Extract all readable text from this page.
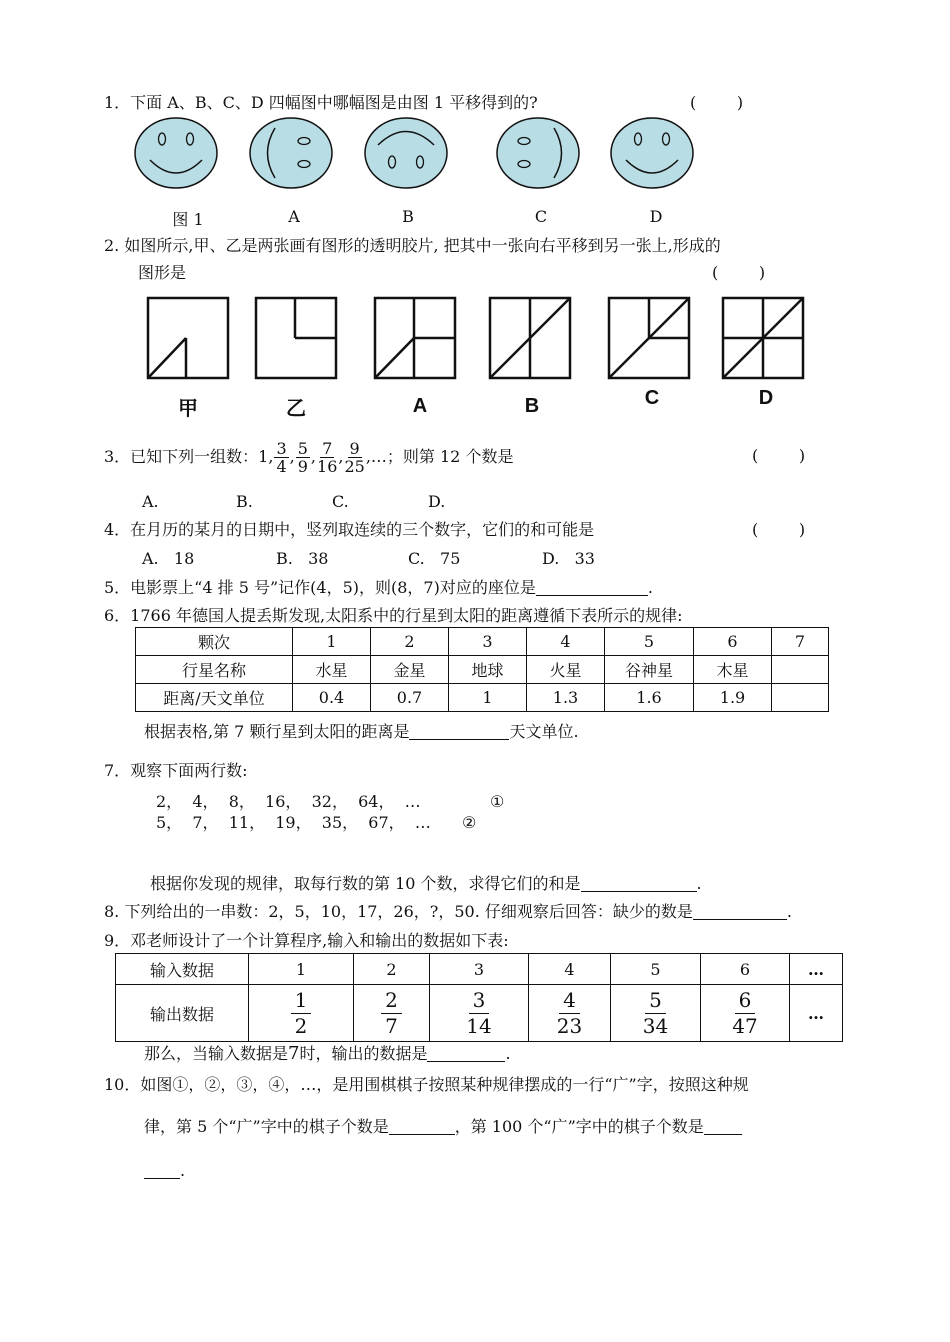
1．下面 A、B、C、D 四幅图中哪幅图是由图 1 平移得到的?	(        )
图 1	A	B	C	D
2. 如图所示,甲、乙是两张画有图形的透明胶片, 把其中一张向右平移到另一张上,形成的
图形是	(        )
甲	乙	A	B	C	D
3．已知下列一组数：1, $\frac{3}{4}$ , $\frac{5}{9}$ , $\frac{7}{16}$ , $\frac{9}{25}$ ,…；则第 12 个数是	(        )
A.	B.	C.	D.
4．在月历的某月的日期中，竖列取连续的三个数字，它们的和可能是	(        )
A.   18	B.   38	C.   75	D.   33
5．电影票上“4 排 5 号”记作(4，5)，则(8，7)对应的座位是	.
6．1766 年德国人提丢斯发现,太阳系中的行星到太阳的距离遵循下表所示的规律:
颗次	1	2	3	4	5	6	7
行星名称	水星	金星	地球	火星	谷神星	木星	
距离/天文单位	0.4	0.7	1	1.3	1.6	1.9	
根据表格,第 7 颗行星到太阳的距离是	天文单位.
7．观察下面两行数:
2，  4，  8，  16，  32，  64，  …	①
5，  7，  11，  19，  35，  67，  … ②
根据你发现的规律，取每行数的第 10 个数，求得它们的和是	.
8. 下列给出的一串数：2，5，10，17，26，?，50. 仔细观察后回答：缺少的数是	.
9．邓老师设计了一个计算程序,输入和输出的数据如下表:
输入数据	1	2	3	4	5	6	…
输出数据	$\frac{1}{2}$	$\frac{2}{7}$	$\frac{3}{14}$	$\frac{4}{23}$	$\frac{5}{34}$	$\frac{6}{47}$	…
那么，当输入数据是7时，输出的数据是	.
10．如图①，②，③，④，…，是用围棋棋子按照某种规律摆成的一行“广”字，按照这种规
律，第 5 个“广”字中的棋子个数是	，第 100 个“广”字中的棋子个数是
.
